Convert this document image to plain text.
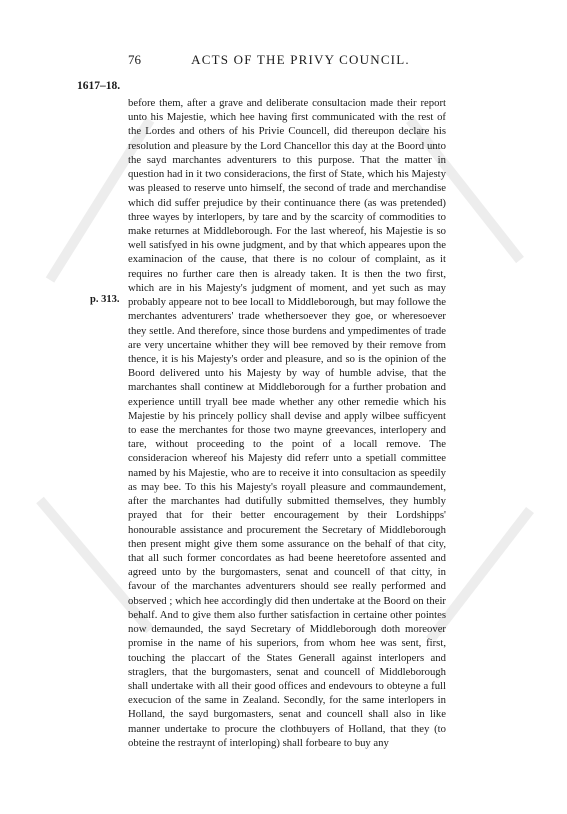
76	ACTS OF THE PRIVY COUNCIL.
1617–18.
p. 313.

before them, after a grave and deliberate consultacion made their report unto his Majestie, which hee having first communicated with the rest of the Lordes and others of his Privie Councell, did thereupon declare his resolution and pleasure by the Lord Chancellor this day at the Boord unto the sayd marchantes adventurers to this purpose. That the matter in question had in it two consideracions, the first of State, which his Majesty was pleased to reserve unto himself, the second of trade and merchandise which did suffer prejudice by their continuance there (as was pretended) three wayes by interlopers, by tare and by the scarcity of commodities to make returnes at Middleborough. For the last whereof, his Majestie is so well satisfyed in his owne judgment, and by that which appeares upon the examinacion of the cause, that there is no colour of complaint, as it requires no further care then is already taken. It is then the two first, which are in his Majesty's judgment of moment, and yet such as may probably appeare not to bee locall to Middleborough, but may followe the merchantes adventurers' trade whethersoever they goe, or wheresoever they settle. And therefore, since those burdens and ympedimentes of trade are very uncertaine whither they will bee removed by their remove from thence, it is his Majesty's order and pleasure, and so is the opinion of the Boord delivered unto his Majesty by way of humble advise, that the marchantes shall continew at Middleborough for a further probation and experience untill tryall bee made whether any other remedie which his Majestie by his princely pollicy shall devise and apply wilbee sufficyent to ease the merchantes for those two mayne greevances, interlopery and tare, without proceeding to the point of a locall remove. The consideracion whereof his Majesty did referr unto a spetiall committee named by his Majestie, who are to receive it into consultacion as speedily as may bee. To this his Majesty's royall pleasure and commaundement, after the marchantes had dutifully submitted themselves, they humbly prayed that for their better encouragement by their Lordshipps' honourable assistance and procurement the Secretary of Middleborough then present might give them some assurance on the behalf of that city, that all such former concordates as had beene heeretofore assented and agreed unto by the burgomasters, senat and councell of that citty, in favour of the marchantes adventurers should see really performed and observed ; which hee accordingly did then undertake at the Boord on their behalf. And to give them also further satisfaction in certaine other pointes now demaunded, the sayd Secretary of Middleborough doth moreover promise in the name of his superiors, from whom hee was sent, first, touching the placcart of the States Generall against interlopers and straglers, that the burgomasters, senat and councell of Middleborough shall undertake with all their good offices and endevours to obteyne a full execucion of the same in Zealand. Secondly, for the same interlopers in Holland, the sayd burgomasters, senat and councell shall also in like manner undertake to procure the clothbuyers of Holland, that they (to obteine the restraynt of interloping) shall forbeare to buy any
